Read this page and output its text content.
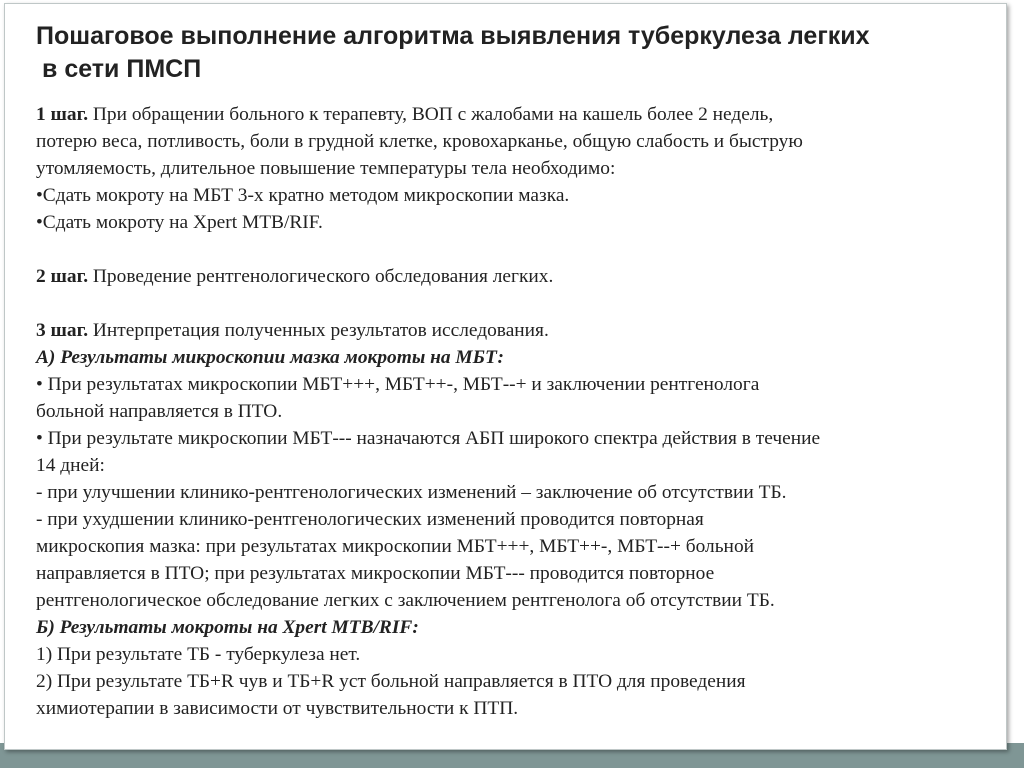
Пошаговое выполнение алгоритма выявления туберкулеза легких
в сети ПМСП
1 шаг. При обращении больного к терапевту, ВОП с жалобами на кашель более 2 недель,
потерю веса, потливость, боли в грудной клетке, кровохарканье, общую слабость и быструю
утомляемость, длительное повышение температуры тела необходимо:
•Сдать мокроту на МБТ 3-х кратно методом микроскопии мазка.
•Сдать мокроту на Xpert MTB/RIF.
2 шаг. Проведение рентгенологического обследования легких.
3 шаг. Интерпретация полученных результатов исследования.
А) Результаты микроскопии мазка мокроты на МБТ:
• При результатах микроскопии МБТ+++, МБТ++-, МБТ--+ и заключении рентгенолога
больной направляется в ПТО.
• При результате микроскопии МБТ--- назначаются АБП широкого спектра действия в течение
14 дней:
- при улучшении клинико-рентгенологических изменений – заключение об отсутствии ТБ.
- при ухудшении клинико-рентгенологических изменений проводится повторная
микроскопия мазка: при результатах микроскопии МБТ+++, МБТ++-, МБТ--+ больной
направляется в ПТО; при результатах микроскопии МБТ--- проводится повторное
рентгенологическое обследование легких с заключением рентгенолога об отсутствии ТБ.
Б) Результаты мокроты на Xpert MTB/RIF:
1) При результате ТБ - туберкулеза нет.
2) При результате ТБ+R чув и ТБ+R уст больной направляется в ПТО для проведения
химиотерапии в зависимости от чувствительности к ПТП.
